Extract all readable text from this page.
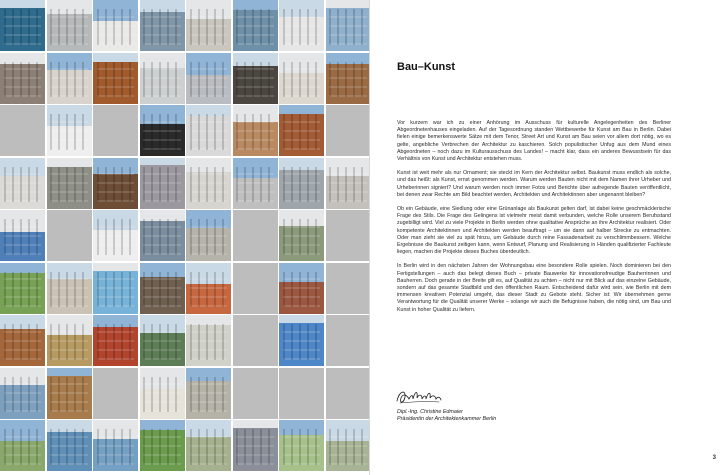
Bau–Kunst

Vor kurzem war ich zu einer Anhörung im Ausschuss für kulturelle Angelegenheiten des Berliner Abgeordnetenhauses eingeladen. Auf der Tagesordnung standen Wettbewerbe für Kunst am Bau in Berlin. Dabei fielen einige bemerkenswerte Sätze mit dem Tenor, Street Art und Kunst am Bau seien vor allem dort nötig, wo es gelte, angebliche Verbrechen der Architektur zu kaschieren. Solch populistischer Unfug aus dem Mund eines Abgeordneten – noch dazu im Kulturausschuss des Landes! – macht klar, dass ein anderes Bewusstsein für das Verhältnis von Kunst und Architektur entstehen muss.

Kunst ist weit mehr als nur Ornament; sie steckt im Kern der Architektur selbst. Baukunst muss endlich als solche, und das heißt: als Kunst, ernst genommen werden. Warum werden Bauten nicht mit dem Namen ihrer Urheber und Urheberinnen signiert? Und warum werden noch immer Fotos und Berichte über aufregende Bauten veröffentlicht, bei denen zwar Rechte am Bild beachtet werden, Architekten und Architektinnen aber ungenannt bleiben?

Ob ein Gebäude, eine Siedlung oder eine Grünanlage als Baukunst gelten darf, ist dabei keine geschmäcklerische Frage des Stils. Die Frage des Gelingens ist vielmehr meist damit verbunden, welche Rolle unserem Berufsstand zugebilligt wird. Viel zu viele Projekte in Berlin werden ohne qualitative Ansprüche an ihre Architektur realisiert. Oder kompetente Architektinnen und Architekten werden beauftragt – um sie dann auf halber Strecke zu entmachten. Oder man zieht sie viel zu spät hinzu, um Gebäude durch reine Fassadenarbeit zu verschlimmbessern. Welche Ergebnisse die Baukunst zeitigen kann, wenn Entwurf, Planung und Realisierung in Händen qualifizierter Fachleute liegen, machen die Projekte dieses Buches überdeutlich.

In Berlin wird in den nächsten Jahren der Wohnungsbau eine besondere Rolle spielen. Noch dominieren bei den Fertigstellungen – auch das belegt dieses Buch – private Bauwerke für innovationsfreudige Bauherrinnen und Bauherren. Doch gerade in der Breite gilt es, auf Qualität zu achten – nicht nur mit Blick auf das einzelne Gebäude, sondern auf das gesamte Stadtbild und den öffentlichen Raum. Entscheidend dafür wird sein, wie Berlin mit dem immensen kreativen Potenzial umgeht, das dieser Stadt zu Gebote steht. Sicher ist: Wir übernehmen gerne Verantwortung für die Qualität unserer Werke – solange wir auch die Befugnisse haben, die nötig sind, um Bau und Kunst in hoher Qualität zu liefern.

Dipl.-Ing. Christine Edmaier
Präsidentin der Architektenkammer Berlin
3
